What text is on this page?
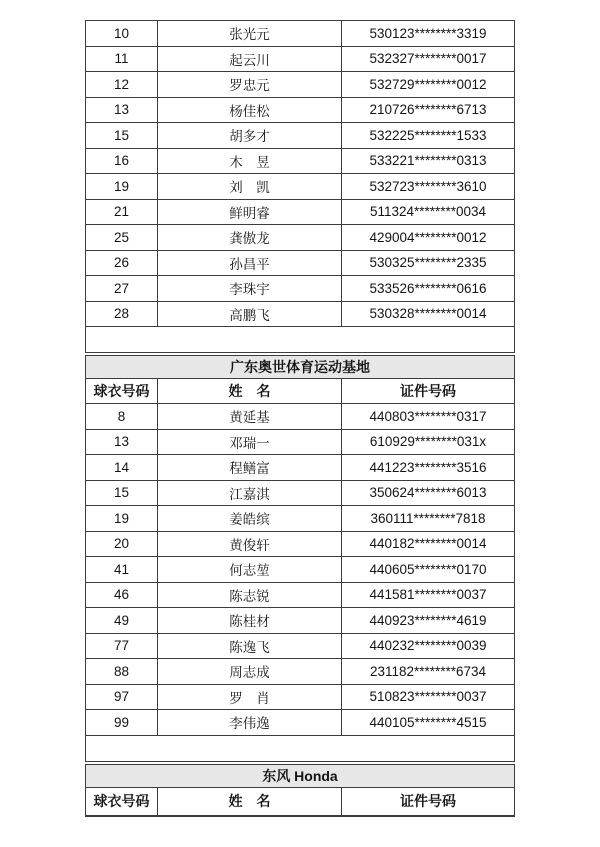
10	张光元	530123********3319
11	起云川	532327********0017
12	罗忠元	532729********0012
13	杨佳松	210726********6713
15	胡多才	532225********1533
16	木　昱	533221********0313
19	刘　凯	532723********3610
21	鲜明睿	511324********0034
25	龚傲龙	429004********0012
26	孙昌平	530325********2335
27	李珠宇	533526********0616
28	高鹏飞	530328********0014

广东奥世体育运动基地		
球衣号码	姓　名	证件号码
8	黄延基	440803********0317
13	邓瑞一	610929********031x
14	程鳝富	441223********3516
15	江嘉淇	350624********6013
19	姜皓缤	360111********7818
20	黄俊轩	440182********0014
41	何志堃	440605********0170
46	陈志锐	441581********0037
49	陈桂材	440923********4619
77	陈逸飞	440232********0039
88	周志成	231182********6734
97	罗　肖	510823********0037
99	李伟逸	440105********4515

东风 Honda
球衣号码	姓　名	证件号码
